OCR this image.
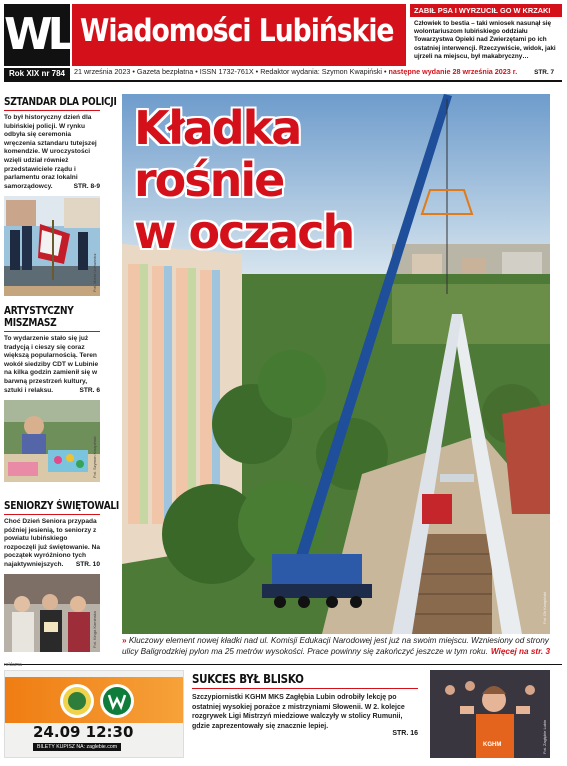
WL Wiadomości Lubińskie
Rok XIX nr 784	21 września 2023 • Gazeta bezpłatna • ISSN 1732-761X • Redaktor wydania: Szymon Kwapiński • następne wydanie 28 września 2023 r.
ZABIŁ PSA I WYRZUCIŁ GO W KRZAKI
Człowiek to bestia – taki wniosek nasunął się wolontariuszom lubińskiego oddziału Towarzystwa Opieki nad Zwierzętami po ich ostatniej interwencji. Rzeczywiście, widok, jaki ujrzeli na miejscu, był makabryczny…
STR. 7
SZTANDAR DLA POLICJI
To był historyczny dzień dla lubińskiej policji. W rynku odbyła się ceremonia wręczenia sztandaru tutejszej komendzie. W uroczystości wzięli udział również przedstawiciele rządu i parlamentu oraz lokalni samorządowcy.	STR. 8-9
Fot. Marta Uchwanicz
ARTYSTYCZNY MISZMASZ
To wydarzenie stało się już tradycją i cieszy się coraz większą popularnością. Teren wokół siedziby CDT w Lubinie na kilka godzin zamienił się w barwną przestrzeń kultury, sztuki i relaksu.	STR. 6
Fot. Szymon Kwapiński
SENIORZY ŚWIĘTOWALI
Choć Dzień Seniora przypada później jesienią, to seniorzy z powiatu lubińskiego rozpoczęli już świętowanie. Na początek wyróżniono tych najaktywniejszych.	STR. 10
Fot. Kinga Kaminska
Kładka
rośnie
w oczach
Fot. Gk Kwapiński
» Kluczowy element nowej kładki nad ul. Komisji Edukacji Narodowej jest już na swoim miejscu. Wzniesiony od strony ulicy Baligrodzkiej pylon ma 25 metrów wysokości. Prace powinny się zakończyć jeszcze w tym roku. Więcej na str. 3
reklama
24.09 12:30
BILETY KUPISZ NA: zaglebie.com
SUKCES BYŁ BLISKO
Szczypiornistki KGHM MKS Zagłębia Lubin odrobiły lekcję po ostatniej wysokiej porażce z mistrzyniami Słowenii. W 2. kolejce rozgrywek Ligi Mistrzyń miedziowe walczyły w stolicy Rumunii, gdzie zaprezentowały się znacznie lepiej.
STR. 16
KGHM	Fot. Zagłębie Lubin
